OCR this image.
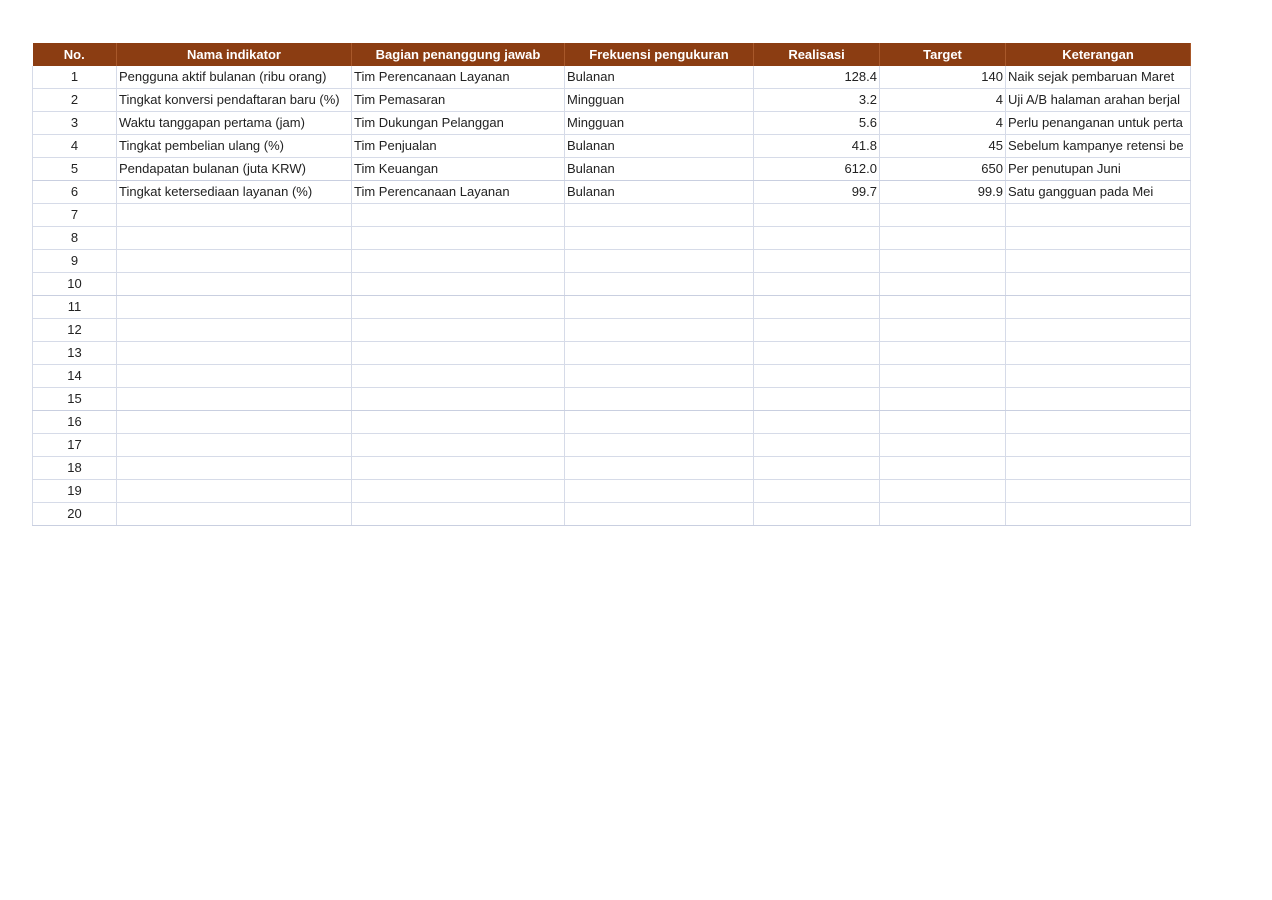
No.	Nama indikator	Bagian penanggung jawab	Frekuensi pengukuran	Realisasi	Target	Keterangan
1	Pengguna aktif bulanan (ribu orang)	Tim Perencanaan Layanan	Bulanan	128.4	140	Naik sejak pembaruan Maret
2	Tingkat konversi pendaftaran baru (%)	Tim Pemasaran	Mingguan	3.2	4	Uji A/B halaman arahan berjal
3	Waktu tanggapan pertama (jam)	Tim Dukungan Pelanggan	Mingguan	5.6	4	Perlu penanganan untuk perta
4	Tingkat pembelian ulang (%)	Tim Penjualan	Bulanan	41.8	45	Sebelum kampanye retensi be
5	Pendapatan bulanan (juta KRW)	Tim Keuangan	Bulanan	612.0	650	Per penutupan Juni
6	Tingkat ketersediaan layanan (%)	Tim Perencanaan Layanan	Bulanan	99.7	99.9	Satu gangguan pada Mei
7						
8						
9						
10						
11						
12						
13						
14						
15						
16						
17						
18						
19						
20						
